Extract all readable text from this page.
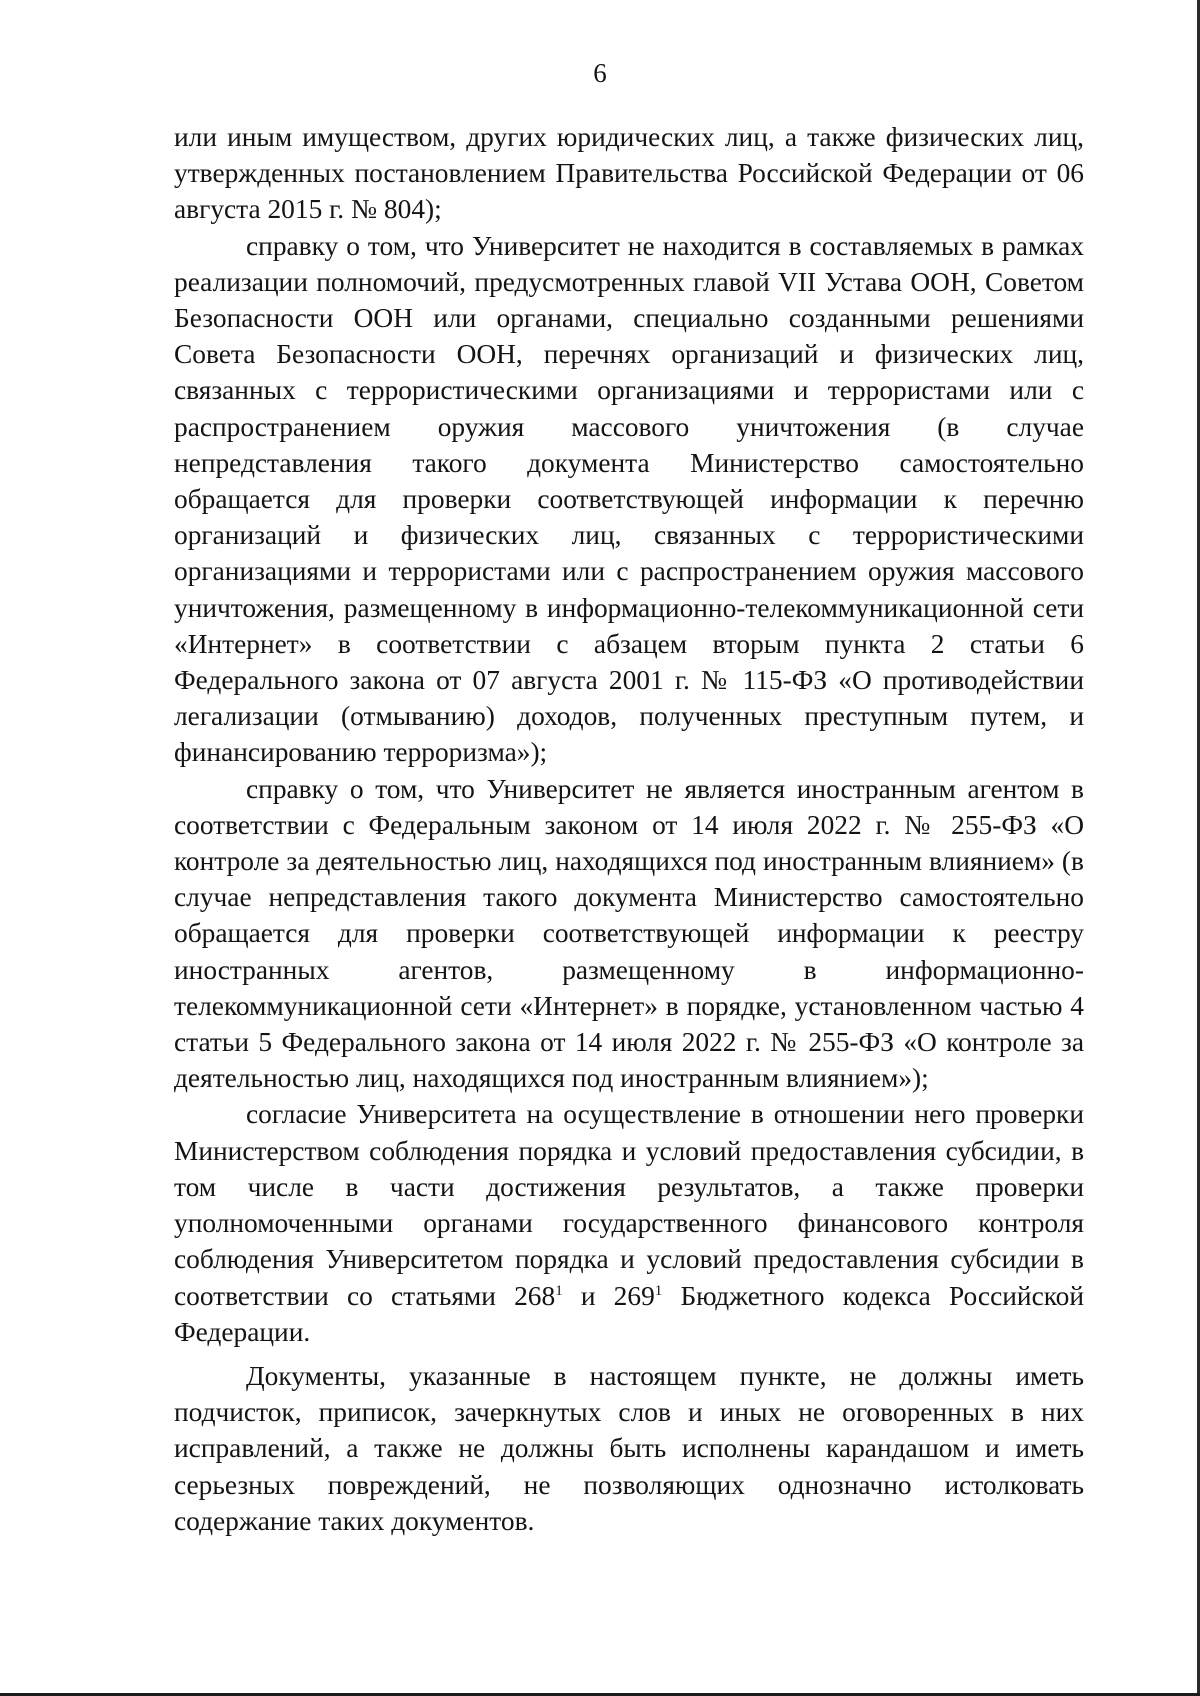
6

или иным имуществом, других юридических лиц, а также физических лиц, утвержденных постановлением Правительства Российской Федерации от 06 августа 2015 г. № 804);

справку о том, что Университет не находится в составляемых в рамках реализации полномочий, предусмотренных главой VII Устава ООН, Советом Безопасности ООН или органами, специально созданными решениями Совета Безопасности ООН, перечнях организаций и физических лиц, связанных с террористическими организациями и террористами или с распространением оружия массового уничтожения (в случае непредставления такого документа Министерство самостоятельно обращается для проверки соответствующей информации к перечню организаций и физических лиц, связанных с террористическими организациями и террористами или с распространением оружия массового уничтожения, размещенному в информационно-телекоммуникационной сети «Интернет» в соответствии с абзацем вторым пункта 2 статьи 6 Федерального закона от 07 августа 2001 г. № 115-ФЗ «О противодействии легализации (отмыванию) доходов, полученных преступным путем, и финансированию терроризма»);

справку о том, что Университет не является иностранным агентом в соответствии с Федеральным законом от 14 июля 2022 г. № 255-ФЗ «О контроле за деятельностью лиц, находящихся под иностранным влиянием» (в случае непредставления такого документа Министерство самостоятельно обращается для проверки соответствующей информации к реестру иностранных агентов, размещенному в информационно-телекоммуникационной сети «Интернет» в порядке, установленном частью 4 статьи 5 Федерального закона от 14 июля 2022 г. № 255-ФЗ «О контроле за деятельностью лиц, находящихся под иностранным влиянием»);

согласие Университета на осуществление в отношении него проверки Министерством соблюдения порядка и условий предоставления субсидии, в том числе в части достижения результатов, а также проверки уполномоченными органами государственного финансового контроля соблюдения Университетом порядка и условий предоставления субсидии в соответствии со статьями $268^1$ и $269^1$ Бюджетного кодекса Российской Федерации.

Документы, указанные в настоящем пункте, не должны иметь подчисток, приписок, зачеркнутых слов и иных не оговоренных в них исправлений, а также не должны быть исполнены карандашом и иметь серьезных повреждений, не позволяющих однозначно истолковать содержание таких документов.
